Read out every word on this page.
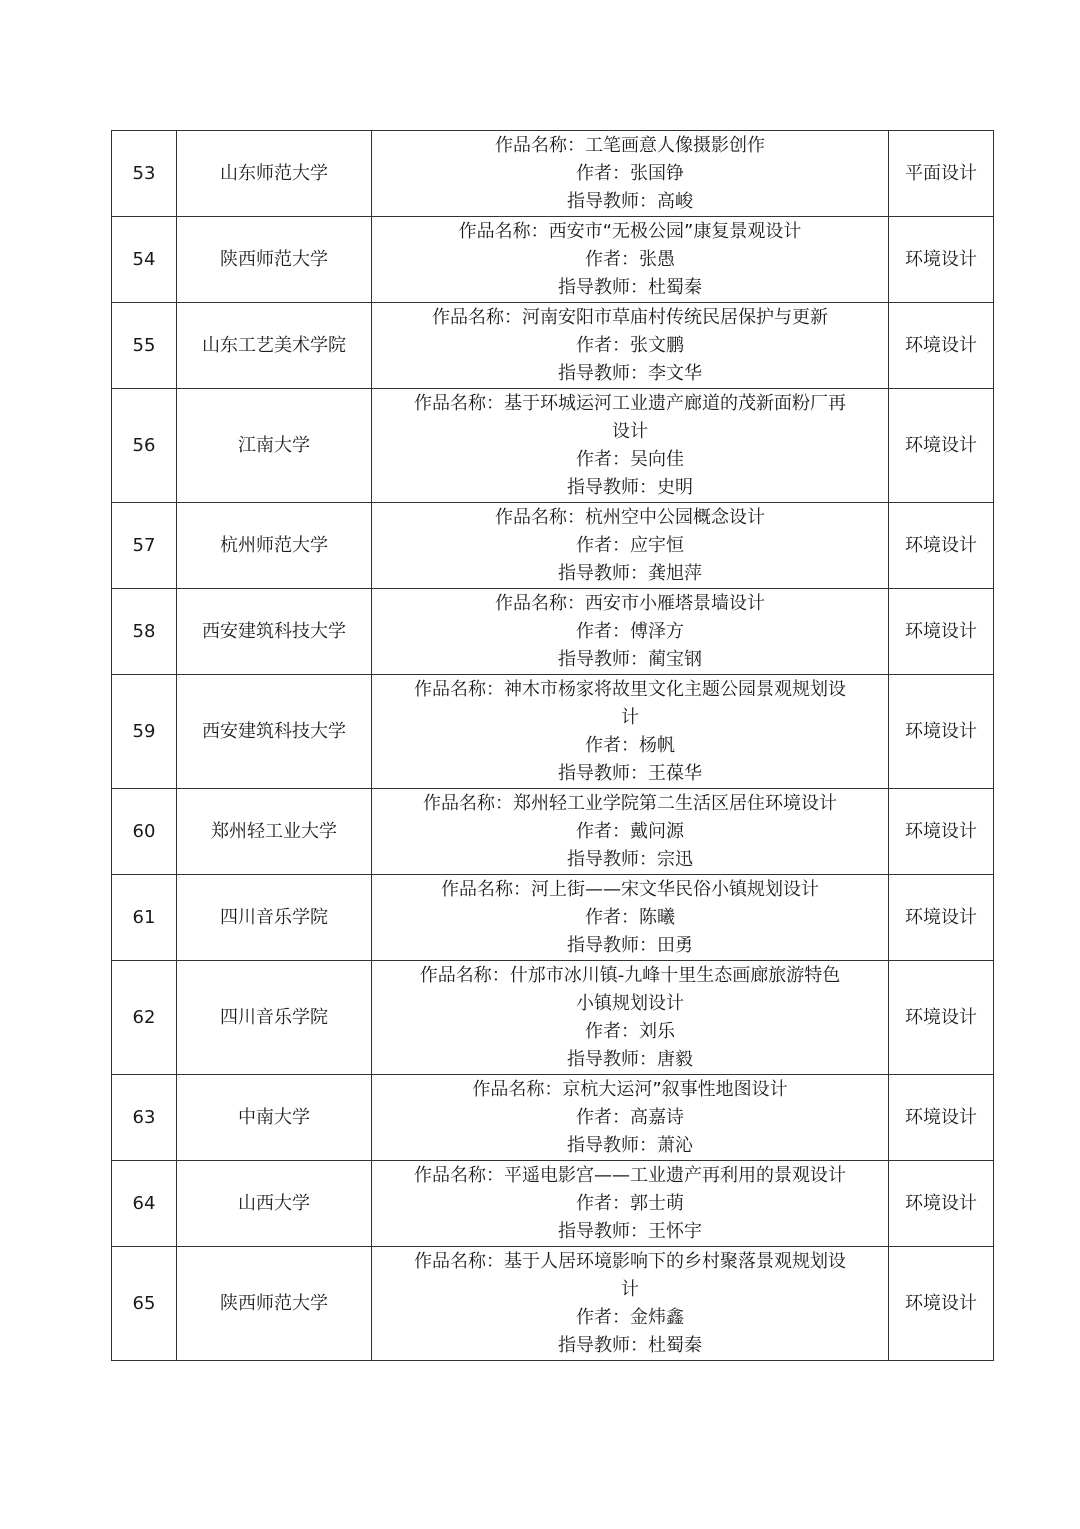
53	山东师范大学	作品名称：工笔画意人像摄影创作
作者：张国铮
指导教师：高峻	平面设计
54	陕西师范大学	作品名称：西安市“无极公园”康复景观设计
作者：张愚
指导教师：杜蜀秦	环境设计
55	山东工艺美术学院	作品名称：河南安阳市草庙村传统民居保护与更新
作者：张文鹏
指导教师：李文华	环境设计
56	江南大学	作品名称：基于环城运河工业遗产廊道的茂新面粉厂再
设计
作者：吴向佳
指导教师：史明	环境设计
57	杭州师范大学	作品名称：杭州空中公园概念设计
作者：应宇恒
指导教师：龚旭萍	环境设计
58	西安建筑科技大学	作品名称：西安市小雁塔景墙设计
作者：傅泽方
指导教师：蔺宝钢	环境设计
59	西安建筑科技大学	作品名称：神木市杨家将故里文化主题公园景观规划设
计
作者：杨帆
指导教师：王葆华	环境设计
60	郑州轻工业大学	作品名称：郑州轻工业学院第二生活区居住环境设计
作者：戴问源
指导教师：宗迅	环境设计
61	四川音乐学院	作品名称：河上街——宋文华民俗小镇规划设计
作者：陈曦
指导教师：田勇	环境设计
62	四川音乐学院	作品名称：什邡市冰川镇-九峰十里生态画廊旅游特色
小镇规划设计
作者：刘乐
指导教师：唐毅	环境设计
63	中南大学	作品名称：京杭大运河”叙事性地图设计
作者：高嘉诗
指导教师：萧沁	环境设计
64	山西大学	作品名称：平遥电影宫——工业遗产再利用的景观设计
作者：郭士萌
指导教师：王怀宇	环境设计
65	陕西师范大学	作品名称：基于人居环境影响下的乡村聚落景观规划设
计
作者：金炜鑫
指导教师：杜蜀秦	环境设计
